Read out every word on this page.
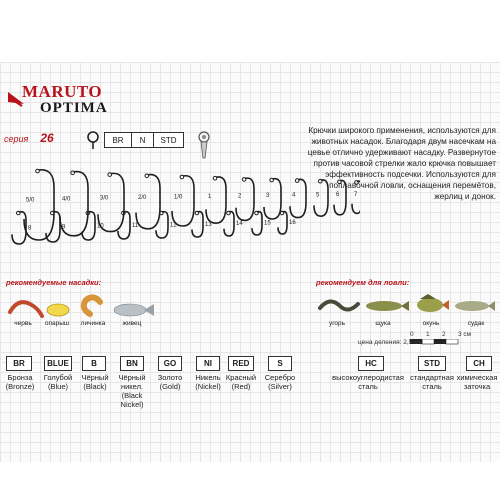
MARUTO
OPTIMA
серия 26	BR	N	STD
Крючки широкого применения, используются для животных насадок. Благодаря двум насечкам на цевье отлично удерживают насадку. Развернутое против часовой стрелки жало крючка повышает эффективность подсечки. Используются для поплавочной ловли, оснащения перемётов, жерлиц и донок.
5/0	4/0	3/0	2/0	1/0	1	2	3	4	5	6 7
8	9	10	11	12	13	14	15	16
рекомендуемые насадки:
червь	опарыш	личинка	живец
рекомендуем для ловли:
угорь	щука	окунь	судак
0 1 2 3 см
цена деления: 2,5 мм
BR
Бронза
(Bronze)
BLUE
Голубой
(Blue)
B
Чёрный
(Black)
BN
Чёрный
никел.
(Black
Nickel)
GO
Золото
(Gold)
NI
Никель
(Nickel)
RED
Красный
(Red)
S
Серебро
(Silver)
HC
высокоуглеродистая
сталь
STD
стандартная
сталь
CH
химическая
заточка
